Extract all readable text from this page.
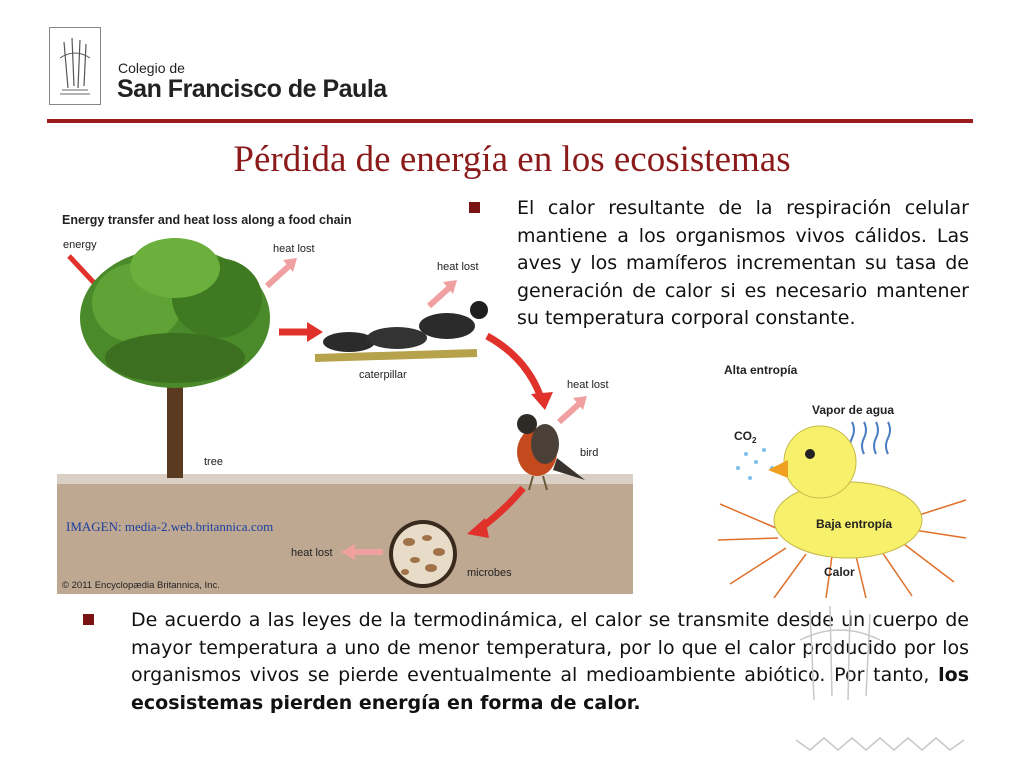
Colegio de
San Francisco de Paula
Pérdida de energía en los ecosistemas
Energy transfer and heat loss along a food chain
energy
tree
heat lost
caterpillar
heat lost
bird
heat lost
microbes
heat lost
© 2011 Encyclopædia Britannica, Inc.
IMAGEN: media-2.web.britannica.com
Alta entropía
Vapor de agua
$CO_2$
Baja entropía
Calor
El calor resultante de la respiración celular mantiene a los organismos vivos cálidos. Las aves y los mamíferos incrementan su tasa de generación de calor si es necesario mantener su temperatura corporal constante.
De acuerdo a las leyes de la termodinámica, el calor se transmite desde un cuerpo de mayor temperatura a uno de menor temperatura, por lo que el calor producido por los organismos vivos se pierde eventualmente al medioambiente abiótico. Por tanto, los ecosistemas pierden energía en forma de calor.
